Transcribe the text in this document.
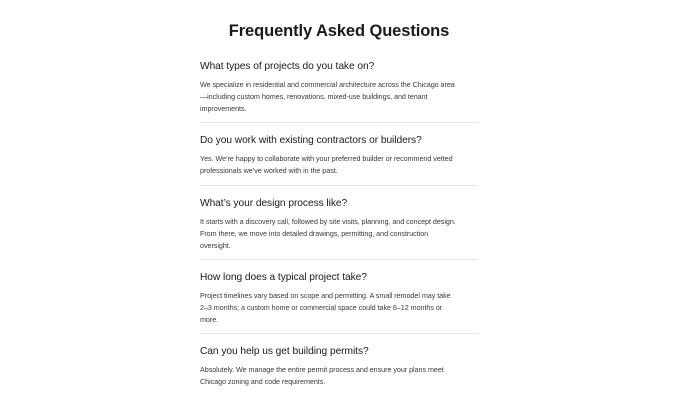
Frequently Asked Questions
What types of projects do you take on?
We specialize in residential and commercial architecture across the Chicago area
—including custom homes, renovations, mixed-use buildings, and tenant
improvements.
Do you work with existing contractors or builders?
Yes. We’re happy to collaborate with your preferred builder or recommend vetted
professionals we’ve worked with in the past.
What’s your design process like?
It starts with a discovery call, followed by site visits, planning, and concept design.
From there, we move into detailed drawings, permitting, and construction
oversight.
How long does a typical project take?
Project timelines vary based on scope and permitting. A small remodel may take
2–3 months; a custom home or commercial space could take 6–12 months or
more.
Can you help us get building permits?
Absolutely. We manage the entire permit process and ensure your plans meet
Chicago zoning and code requirements.
